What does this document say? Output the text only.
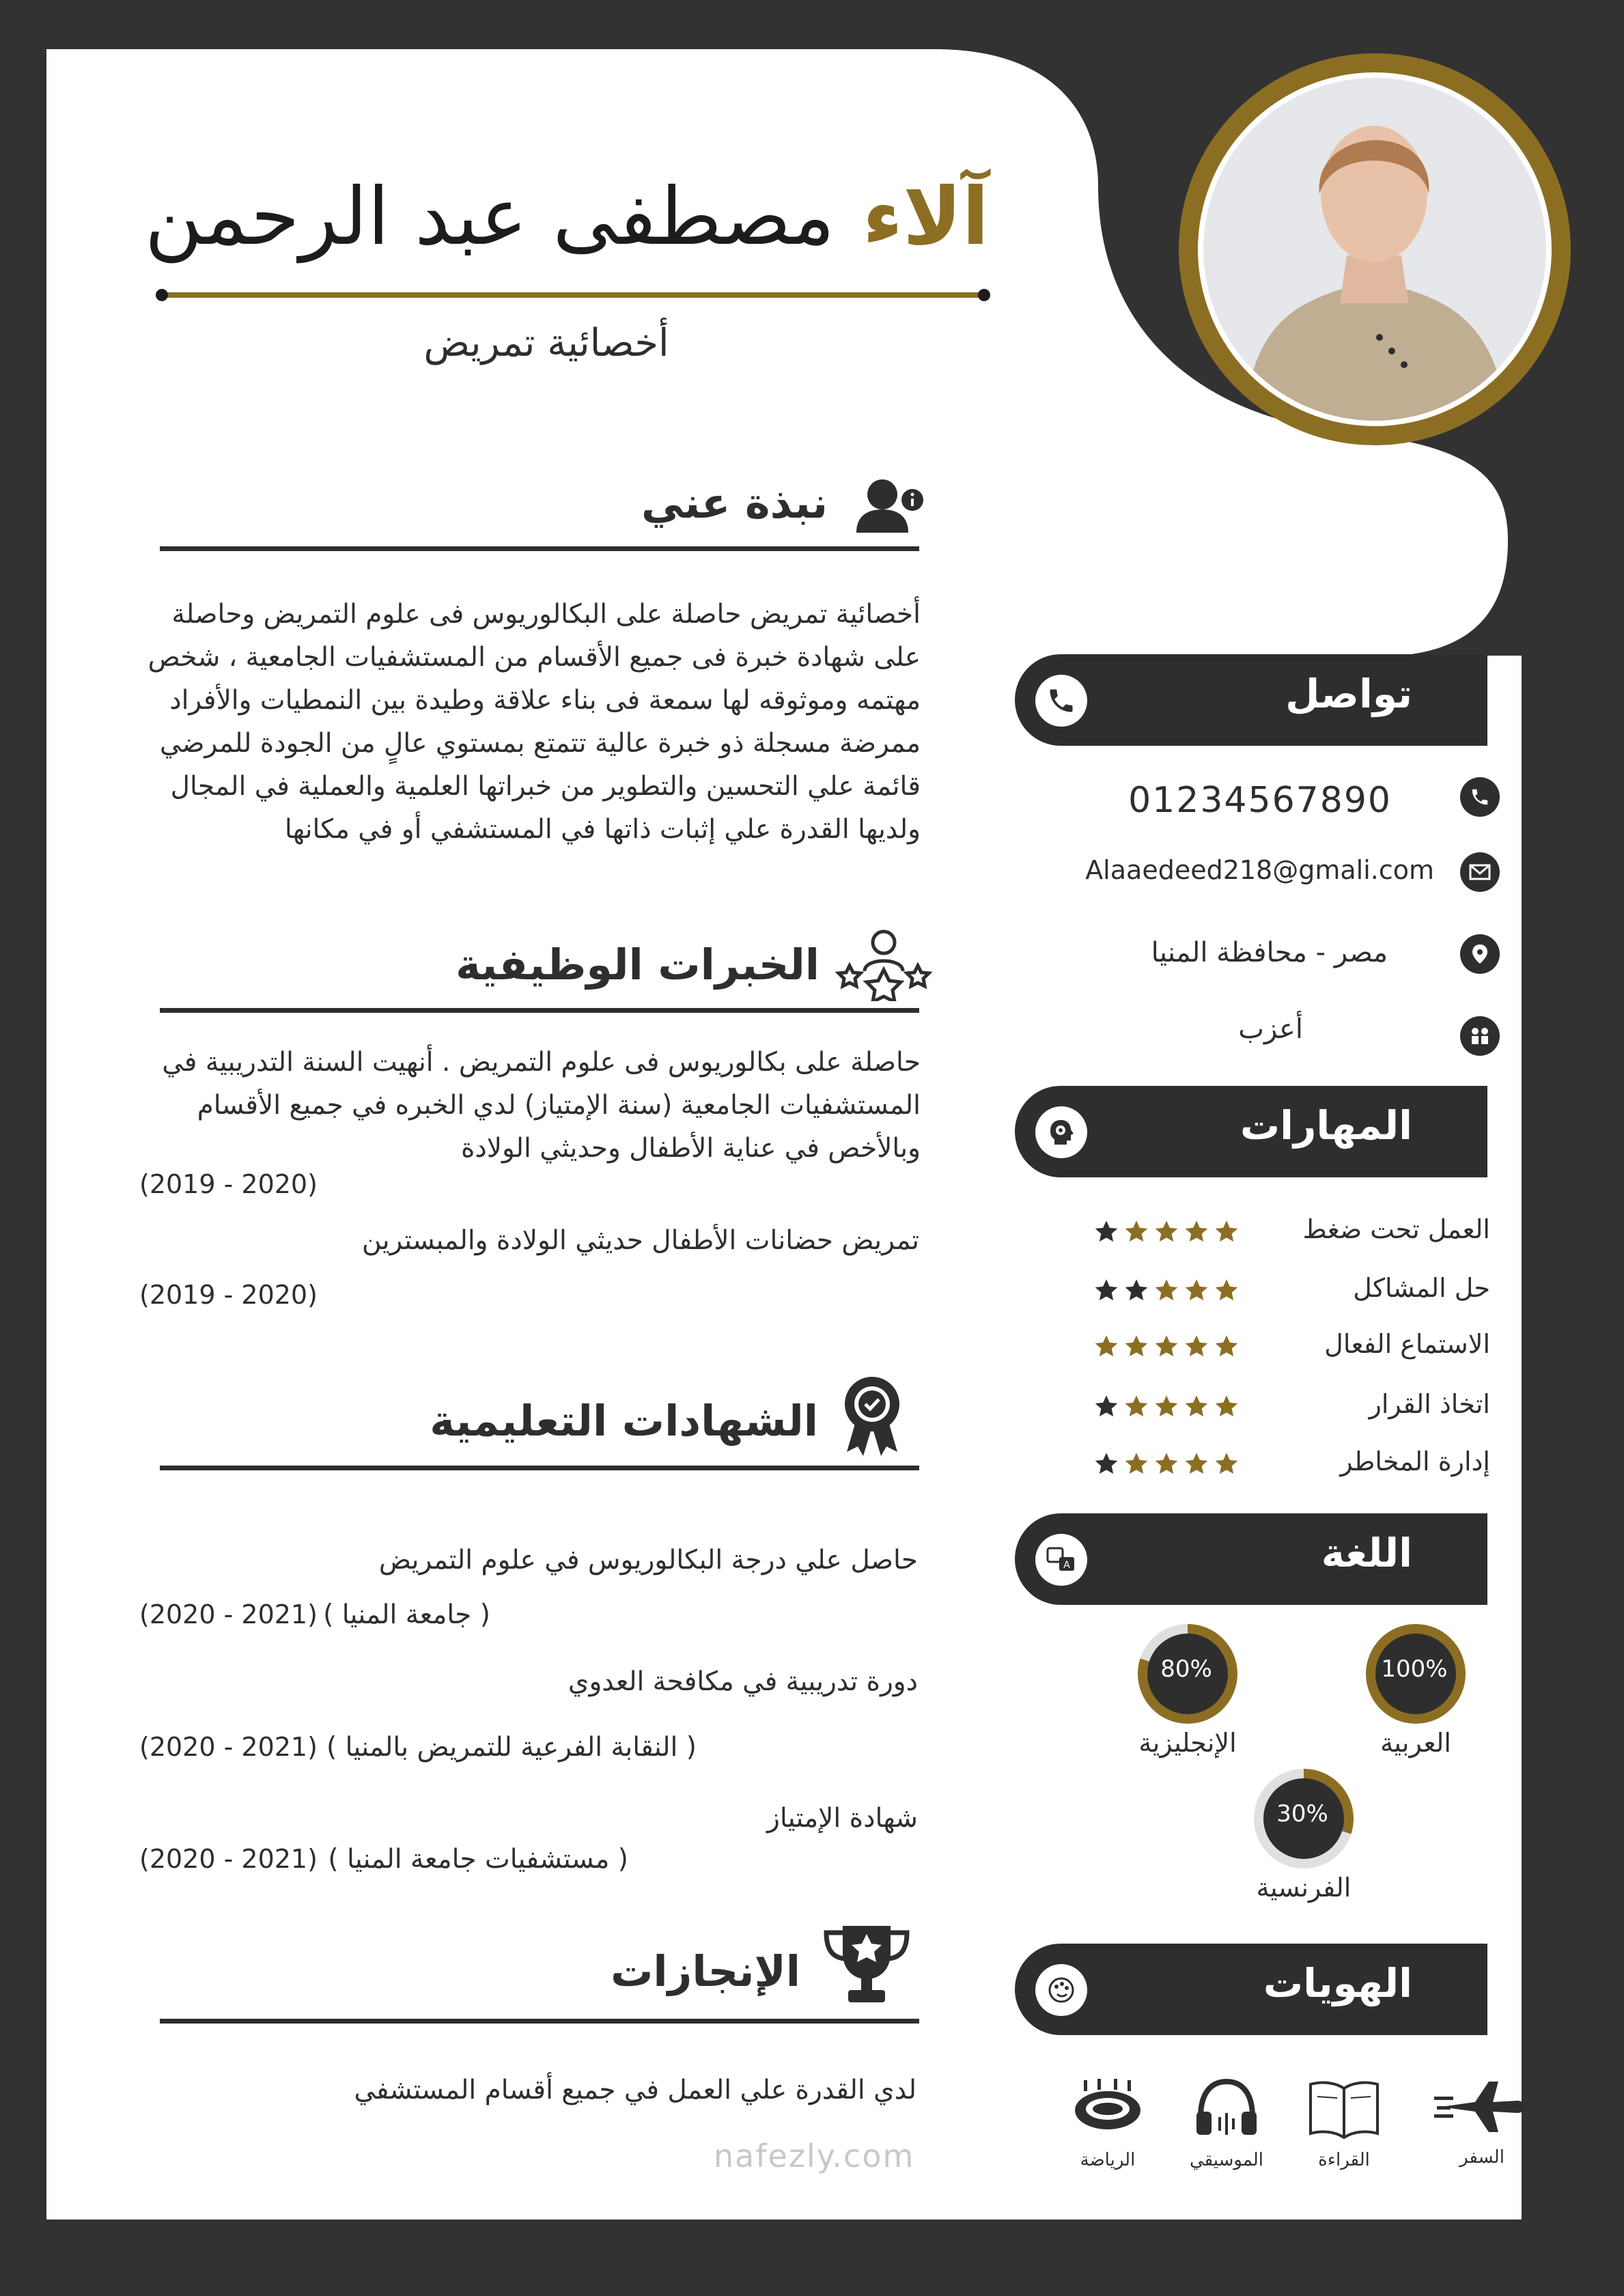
آلاء مصطفى عبد الرحمن
أخصائية تمريض
نبذة عني
أخصائية تمريض حاصلة على البكالوريوس فى علوم التمريض وحاصلة
على شهادة خبرة فى جميع الأقسام من المستشفيات الجامعية ، شخص
مهتمه وموثوقه لها سمعة فى بناء علاقة وطيدة بين النمطيات والأفراد
ممرضة مسجلة ذو خبرة عالية تتمتع بمستوي عالٍ من الجودة للمرضي
قائمة علي التحسين والتطوير من خبراتها العلمية والعملية في المجال
ولديها القدرة علي إثبات ذاتها في المستشفي أو في مكانها
الخبرات الوظيفية
حاصلة على بكالوريوس فى علوم التمريض . أنهيت السنة التدريبية في
المستشفيات الجامعية (سنة الإمتياز) لدي الخبره في جميع الأقسام
وبالأخص في عناية الأطفال وحديثي الولادة
(2019 - 2020)
تمريض حضانات الأطفال حديثي الولادة والمبسترين
(2019 - 2020)
الشهادات التعليمية
حاصل علي درجة البكالوريوس في علوم التمريض
( جامعة المنيا )
(2020 - 2021)
دورة تدريبية في مكافحة العدوي
( النقابة الفرعية للتمريض بالمنيا )
(2020 - 2021)
شهادة الإمتياز
( مستشفيات جامعة المنيا )
(2020 - 2021)
الإنجازات
لدي القدرة علي العمل في جميع أقسام المستشفي
nafezly.com
تواصل
01234567890
Alaaedeed218@gmali.com
مصر - محافظة المنيا
أعزب
المهارات
العمل تحت ضغط
حل المشاكل
الاستماع الفعال
اتخاذ القرار
إدارة المخاطر
اللغة
A
100%
العربية
80%
الإنجليزية
30%
الفرنسية
الهويات
السفر
القراءة
الموسيقي
الرياضة
